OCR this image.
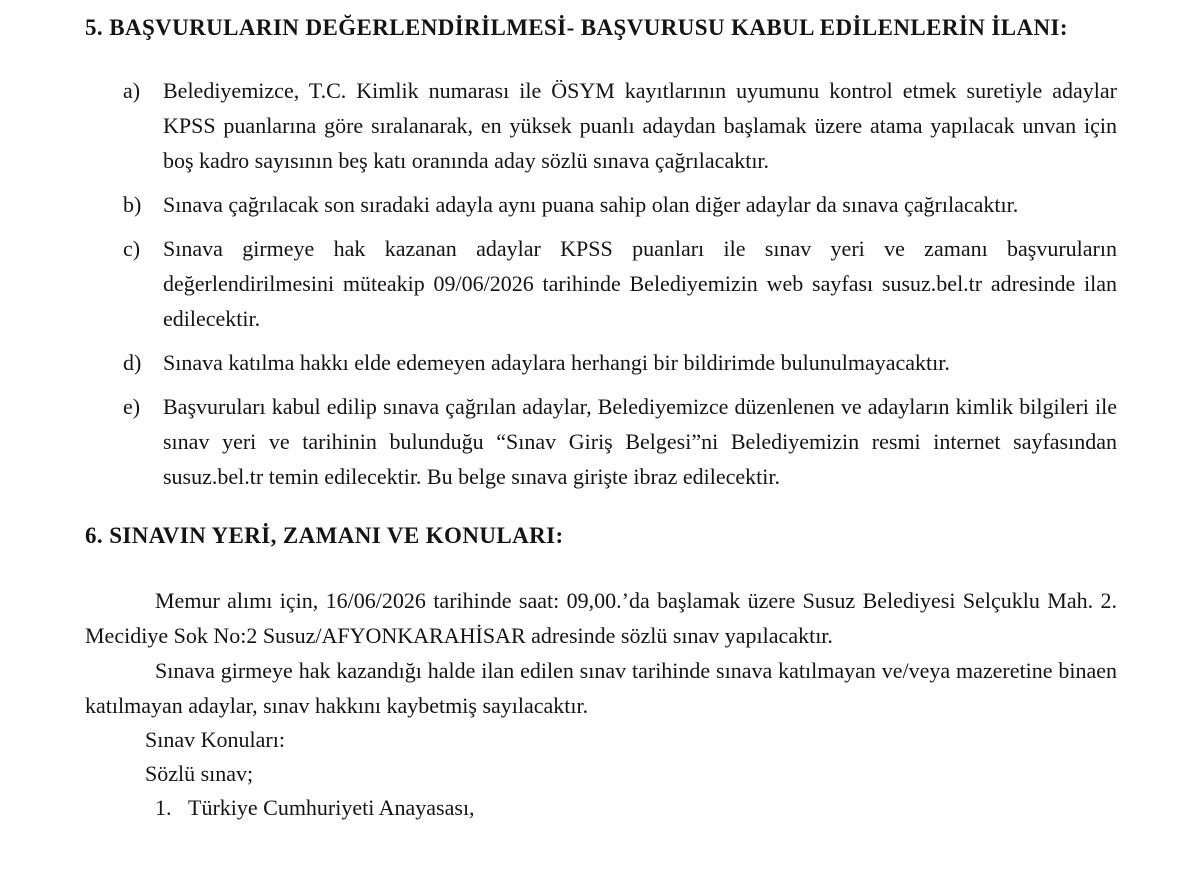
5. BAŞVURULARIN DEĞERLENDİRİLMESİ- BAŞVURUSU KABUL EDİLENLERİN İLANI:
a)	Belediyemizce, T.C. Kimlik numarası ile ÖSYM kayıtlarının uyumunu kontrol etmek suretiyle adaylar KPSS puanlarına göre sıralanarak, en yüksek puanlı adaydan başlamak üzere atama yapılacak unvan için boş kadro sayısının beş katı oranında aday sözlü sınava çağrılacaktır.

b) Sınava çağrılacak son sıradaki adayla aynı puana sahip olan diğer adaylar da sınava çağrılacaktır.

c)	Sınava girmeye hak kazanan adaylar KPSS puanları ile sınav yeri ve zamanı başvuruların değerlendirilmesini müteakip 09/06/2026 tarihinde Belediyemizin web sayfası susuz.bel.tr adresinde ilan edilecektir.

d) Sınava katılma hakkı elde edemeyen adaylara herhangi bir bildirimde bulunulmayacaktır.

e)	Başvuruları kabul edilip sınava çağrılan adaylar, Belediyemizce düzenlenen ve adayların kimlik bilgileri ile sınav yeri ve tarihinin bulunduğu “Sınav Giriş Belgesi”ni Belediyemizin resmi internet sayfasından susuz.bel.tr temin edilecektir. Bu belge sınava girişte ibraz edilecektir.

6. SINAVIN YERİ, ZAMANI VE KONULARI:

Memur alımı için, 16/06/2026 tarihinde saat: 09,00.’da başlamak üzere Susuz Belediyesi Selçuklu Mah. 2. Mecidiye Sok No:2 Susuz/AFYONKARAHİSAR adresinde sözlü sınav yapılacaktır.

Sınava girmeye hak kazandığı halde ilan edilen sınav tarihinde sınava katılmayan ve/veya mazeretine binaen katılmayan adaylar, sınav hakkını kaybetmiş sayılacaktır.

Sınav Konuları:

Sözlü sınav;

1. Türkiye Cumhuriyeti Anayasası,
